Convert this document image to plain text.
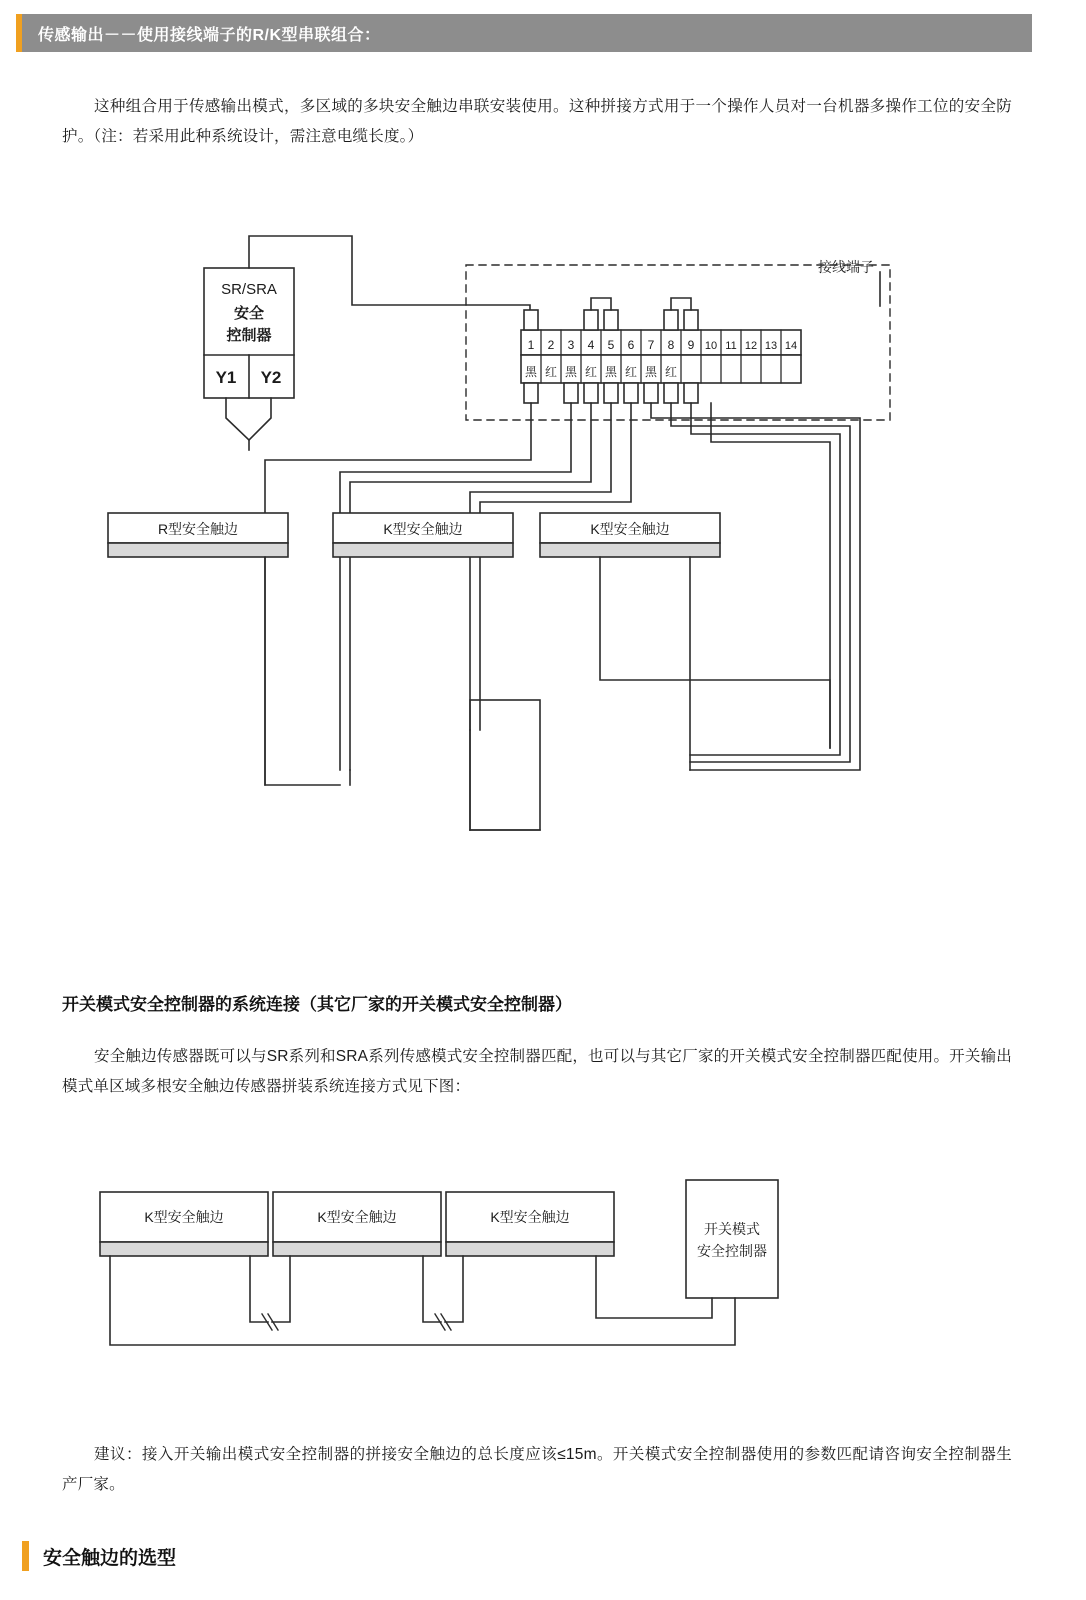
传感输出－－使用接线端子的R/K型串联组合：
这种组合用于传感输出模式，多区域的多块安全触边串联安装使用。这种拼接方式用于一个操作人员对一台机器多操作工位的安全防护。（注：若采用此种系统设计，需注意电缆长度。）
SR/SRA
安全
控制器
Y1 Y2
接线端子
1 2 3 4 5 6 7 8 9 10 11 12 13 14
黑 红 黑 红 黑 红 黑 红
R型安全触边	K型安全触边	K型安全触边
开关模式安全控制器的系统连接（其它厂家的开关模式安全控制器）
安全触边传感器既可以与SR系列和SRA系列传感模式安全控制器匹配，也可以与其它厂家的开关模式安全控制器匹配使用。开关输出模式单区域多根安全触边传感器拼装系统连接方式见下图：
K型安全触边	K型安全触边	K型安全触边
开关模式
安全控制器
建议：接入开关输出模式安全控制器的拼接安全触边的总长度应该≤15m。开关模式安全控制器使用的参数匹配请咨询安全控制器生产厂家。
安全触边的选型
